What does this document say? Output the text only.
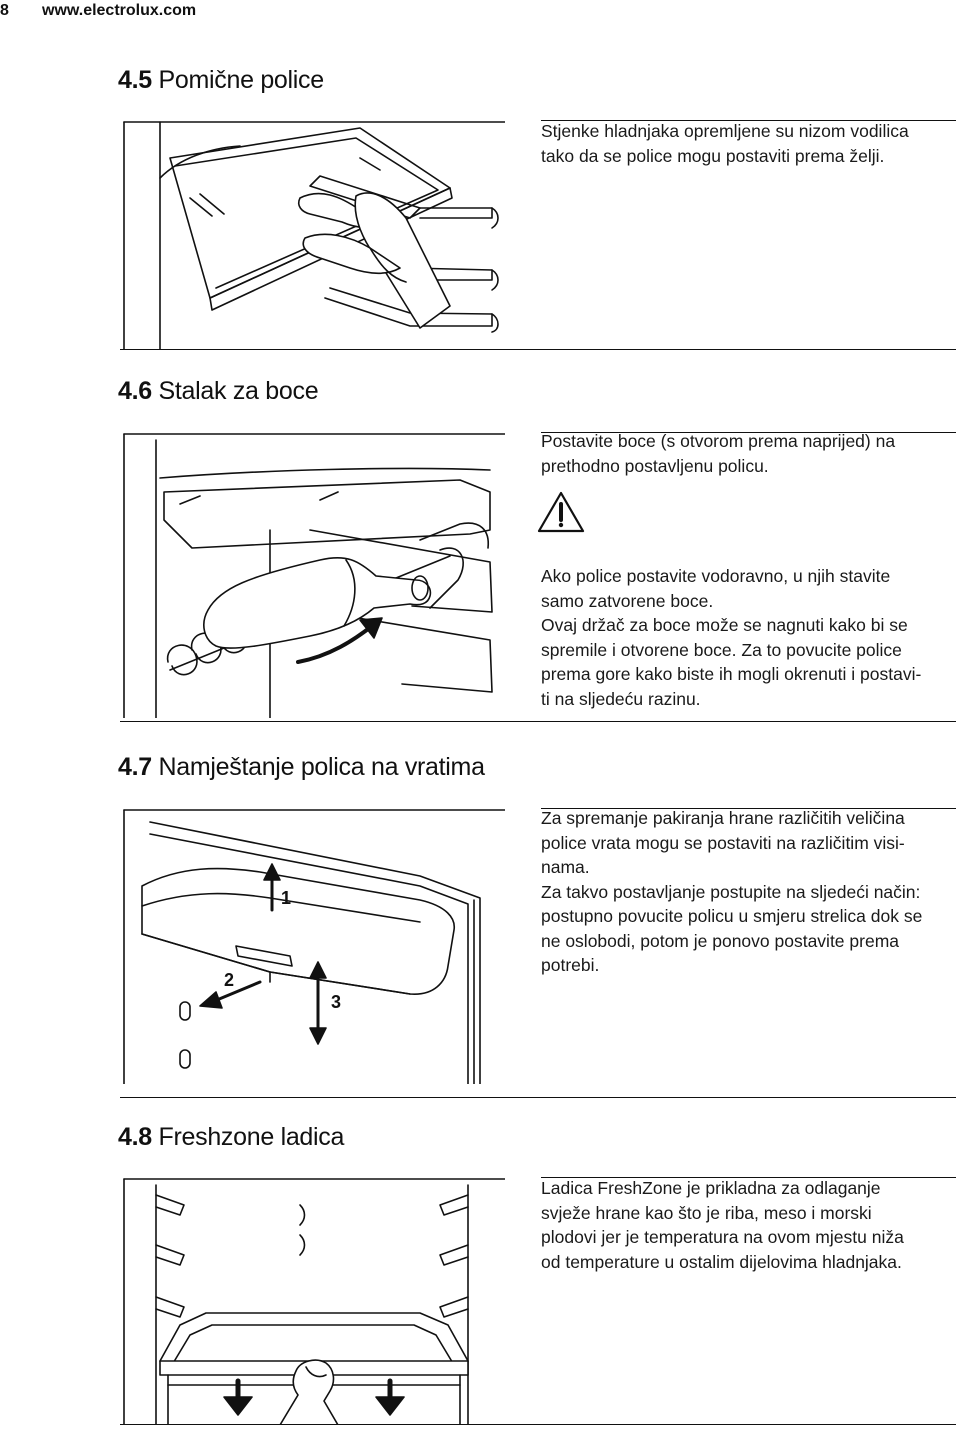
8 www.electrolux.com
4.5 Pomične police

Stjenke hladnjaka opremljene su nizom vodilica

tako da se police mogu postaviti prema želji.

4.6 Stalak za boce

Postavite boce (s otvorom prema naprijed) na

prethodno postavljenu policu.

Ako police postavite vodoravno, u njih stavite

samo zatvorene boce.

Ovaj držač za boce može se nagnuti kako bi se

spremile i otvorene boce. Za to povucite police

prema gore kako biste ih mogli okrenuti i postavi-

ti na sljedeću razinu.

4.7 Namještanje polica na vratima
1
2
3

Za spremanje pakiranja hrane različitih veličina

police vrata mogu se postaviti na različitim visi-

nama.

Za takvo postavljanje postupite na sljedeći način:

postupno povucite policu u smjeru strelica dok se

ne oslobodi, potom je ponovo postavite prema

potrebi.

4.8 Freshzone ladica

Ladica FreshZone je prikladna za odlaganje

svježe hrane kao što je riba, meso i morski

plodovi jer je temperatura na ovom mjestu niža

od temperature u ostalim dijelovima hladnjaka.
